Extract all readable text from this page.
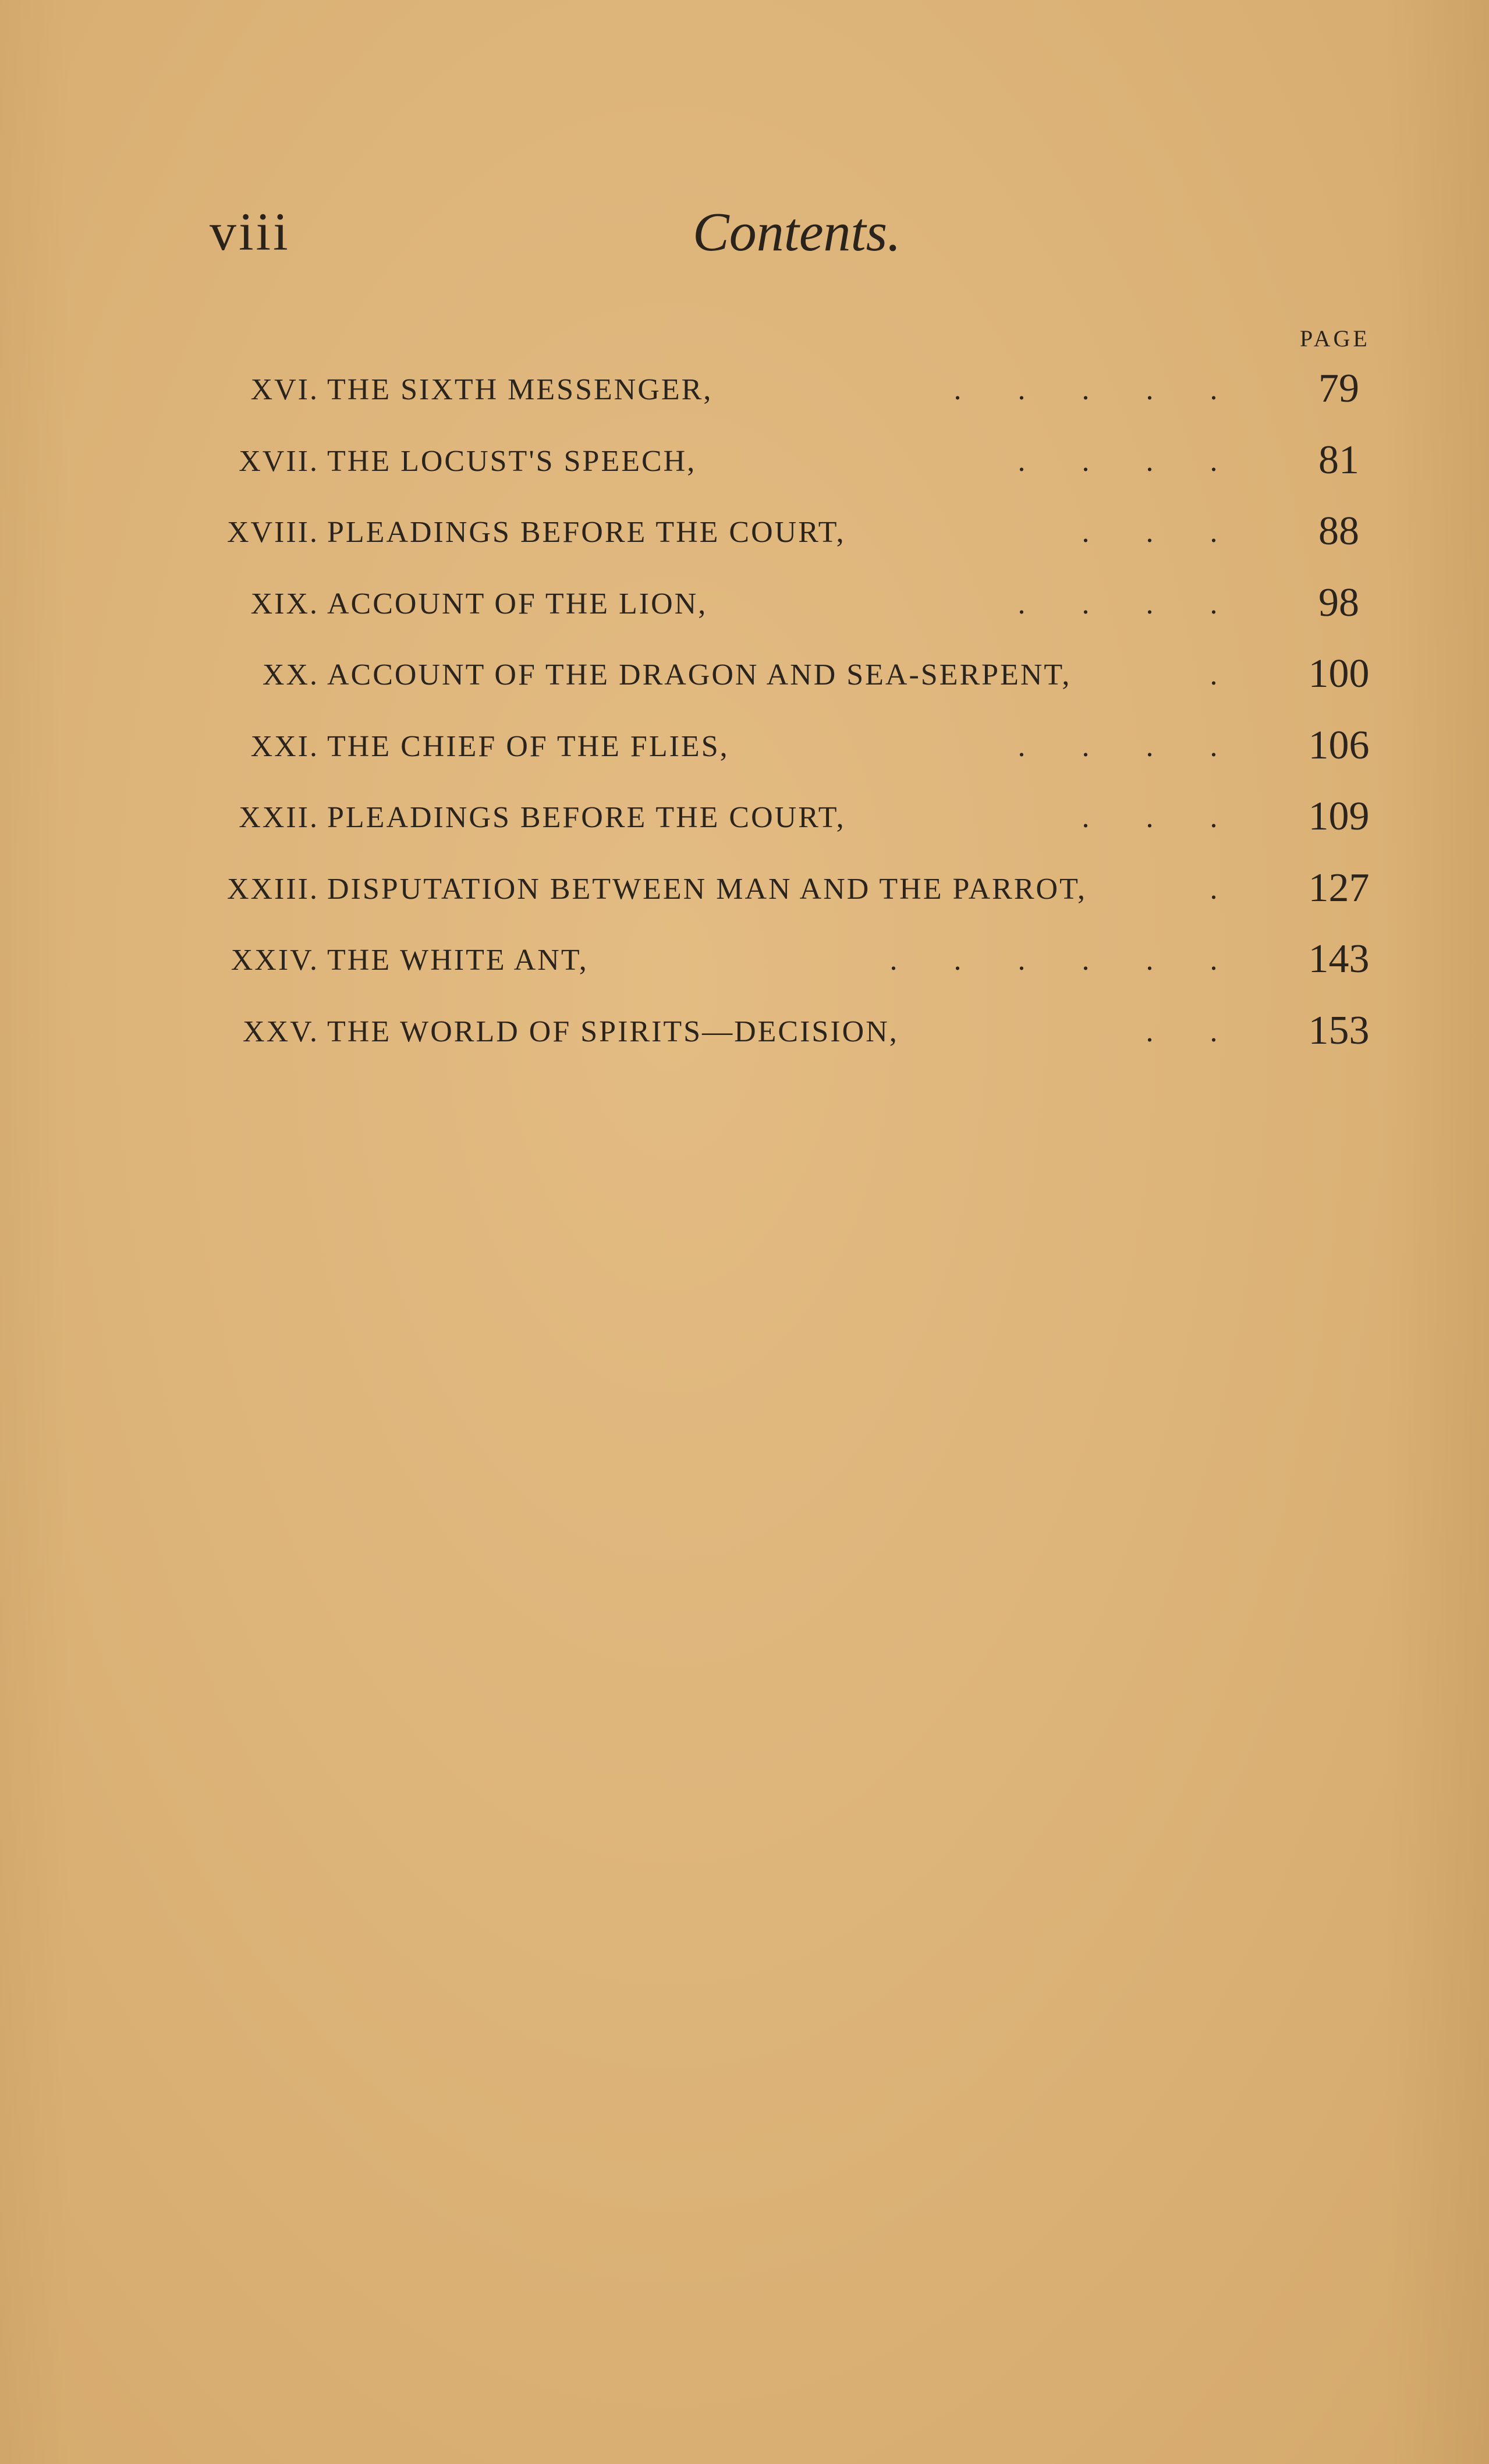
viii	Contents.
PAGE
XVI. THE SIXTH MESSENGER,	. . . . .	79
XVII. THE LOCUST'S SPEECH,	. . . .	81
XVIII. PLEADINGS BEFORE THE COURT,	. . .	88
XIX. ACCOUNT OF THE LION,	. . . .	98
XX. ACCOUNT OF THE DRAGON AND SEA-SERPENT,	.	100
XXI. THE CHIEF OF THE FLIES,	. . . .	106
XXII. PLEADINGS BEFORE THE COURT,	. . .	109
XXIII. DISPUTATION BETWEEN MAN AND THE PARROT,	.	127
XXIV. THE WHITE ANT,	. . . . . .	143
XXV. THE WORLD OF SPIRITS—DECISION,	. .	153
